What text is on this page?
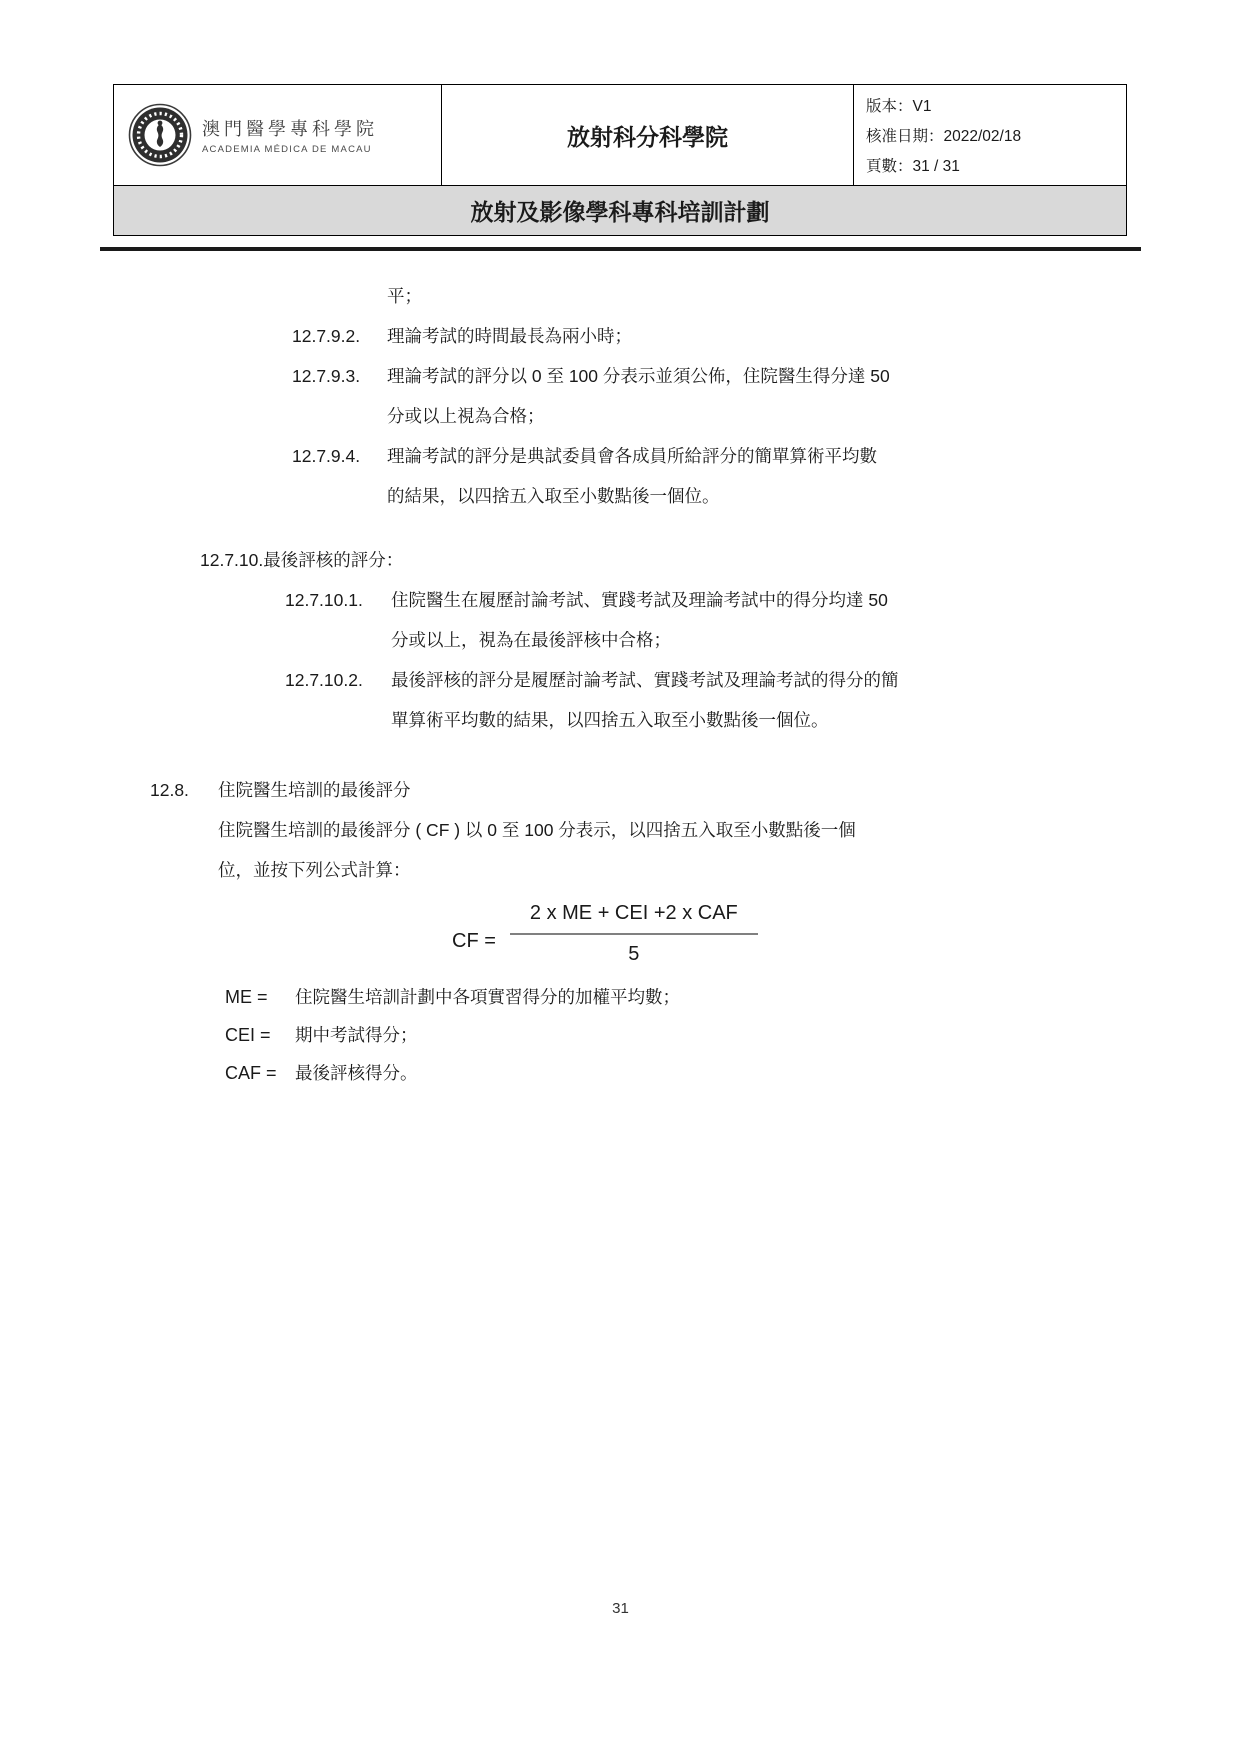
澳門醫學專科學院
ACADEMIA MÉDICA DE MACAU	放射科分科學院
版本：V1
核准日期：2022/02/18
頁數：31 / 31
放射及影像學科專科培訓計劃
平；
12.7.9.2.	理論考試的時間最長為兩小時；
12.7.9.3.	理論考試的評分以 0 至 100 分表示並須公佈，住院醫生得分達 50
分或以上視為合格；
12.7.9.4.	理論考試的評分是典試委員會各成員所給評分的簡單算術平均數
的結果，以四捨五入取至小數點後一個位。
12.7.10. 最後評核的評分：
12.7.10.1.	住院醫生在履歷討論考試、實踐考試及理論考試中的得分均達 50
分或以上，視為在最後評核中合格；
12.7.10.2.	最後評核的評分是履歷討論考試、實踐考試及理論考試的得分的簡
單算術平均數的結果，以四捨五入取至小數點後一個位。
12.8.	住院醫生培訓的最後評分
住院醫生培訓的最後評分 ( CF ) 以 0 至 100 分表示，以四捨五入取至小數點後一個
位，並按下列公式計算：
CF = $\frac{\text{2 x ME + CEI +2 x CAF}}{5}$
ME =	住院醫生培訓計劃中各項實習得分的加權平均數；
CEI =	期中考試得分；
CAF =	最後評核得分。
31
